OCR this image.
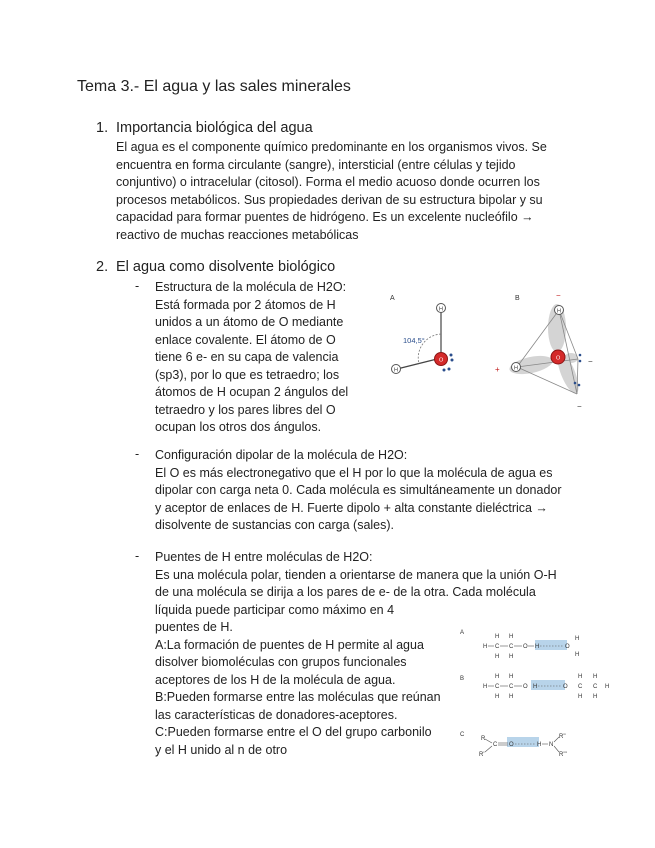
Tema 3.- El agua y las sales minerales
1. Importancia biológica del agua

El agua es el componente químico predominante en los organismos vivos. Se

encuentra en forma circulante (sangre), intersticial (entre células y tejido

conjuntivo) o intracelular (citosol). Forma el medio acuoso donde ocurren los

procesos metabólicos. Sus propiedades derivan de su estructura bipolar y su

capacidad para formar puentes de hidrógeno. Es un excelente nucleófilo →

reactivo de muchas reacciones metabólicas

2. El agua como disolvente biológico
- Estructura de la molécula de H2O:

Está formada por 2 átomos de H

unidos a un átomo de O mediante

enlace covalente. El átomo de O

tiene 6 e- en su capa de valencia

(sp3), por lo que es tetraedro; los

átomos de H ocupan 2 ángulos del

tetraedro y los pares libres del O

ocupan los otros dos ángulos.

A
104,5°
H
H
O
B
H
H
O
−
+
−
−
- Configuración dipolar de la molécula de H2O:

El O es más electronegativo que el H por lo que la molécula de agua es

dipolar con carga neta 0. Cada molécula es simultáneamente un donador

y aceptor de enlaces de H. Fuerte dipolo + alta constante dieléctrica →

disolvente de sustancias con carga (sales).

- Puentes de H entre moléculas de H2O:

Es una molécula polar, tienden a orientarse de manera que la unión O-H

de una molécula se dirija a los pares de e- de la otra. Cada molécula

líquida puede participar como máximo en 4

puentes de H.

A:La formación de puentes de H permite al agua

disolver biomoléculas con grupos funcionales

aceptores de los H de la molécula de agua.

B:Pueden formarse entre las moléculas que reúnan

las características de donadores-aceptores.

C:Pueden formarse entre el O del grupo carbonilo

y el H unido al n de otro

A
H H
H C C O H	O
H H
H
H
B	H H
H C C O H	O C C H
H H
H H
H H
C
R
R'
C O	H N
R''
R'''
